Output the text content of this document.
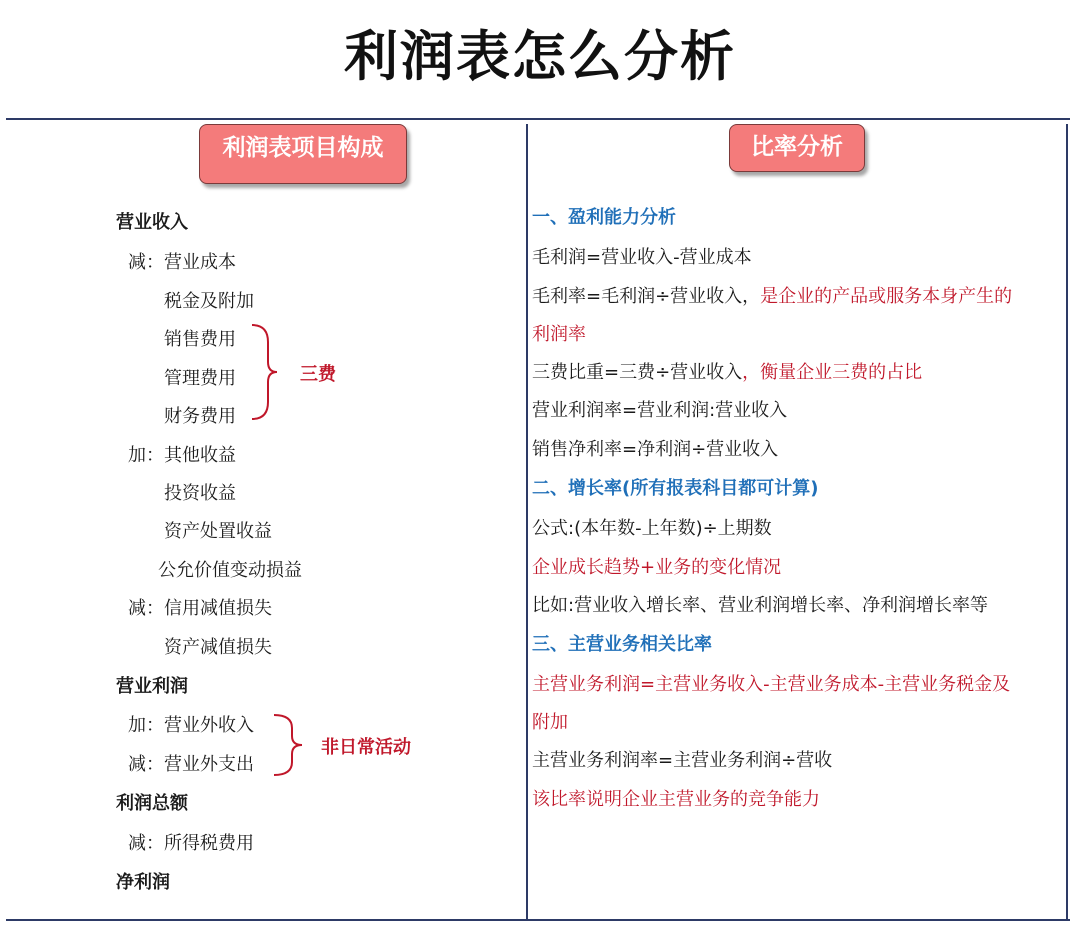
利润表怎么分析
利润表项目构成
营业收入
减：营业成本
税金及附加
销售费用
管理费用
财务费用
加：其他收益
投资收益
资产处置收益
公允价值变动损益
减：信用减值损失
资产减值损失
营业利润
加：营业外收入
减：营业外支出
利润总额
减：所得税费用
净利润
三费
非日常活动
比率分析
一、盈利能力分析
毛利润=营业收入-营业成本
毛利率=毛利润÷营业收入，是企业的产品或服务本身产生的
利润率
三费比重=三费÷营业收入，衡量企业三费的占比
营业利润率=营业利润:营业收入
销售净利率=净利润÷营业收入
二、增长率(所有报表科目都可计算)
公式:(本年数-上年数)÷上期数
企业成长趋势+业务的变化情况
比如:营业收入增长率、营业利润增长率、净利润增长率等
三、主营业务相关比率
主营业务利润=主营业务收入-主营业务成本-主营业务税金及
附加
主营业务利润率=主营业务利润÷营收
该比率说明企业主营业务的竞争能力
